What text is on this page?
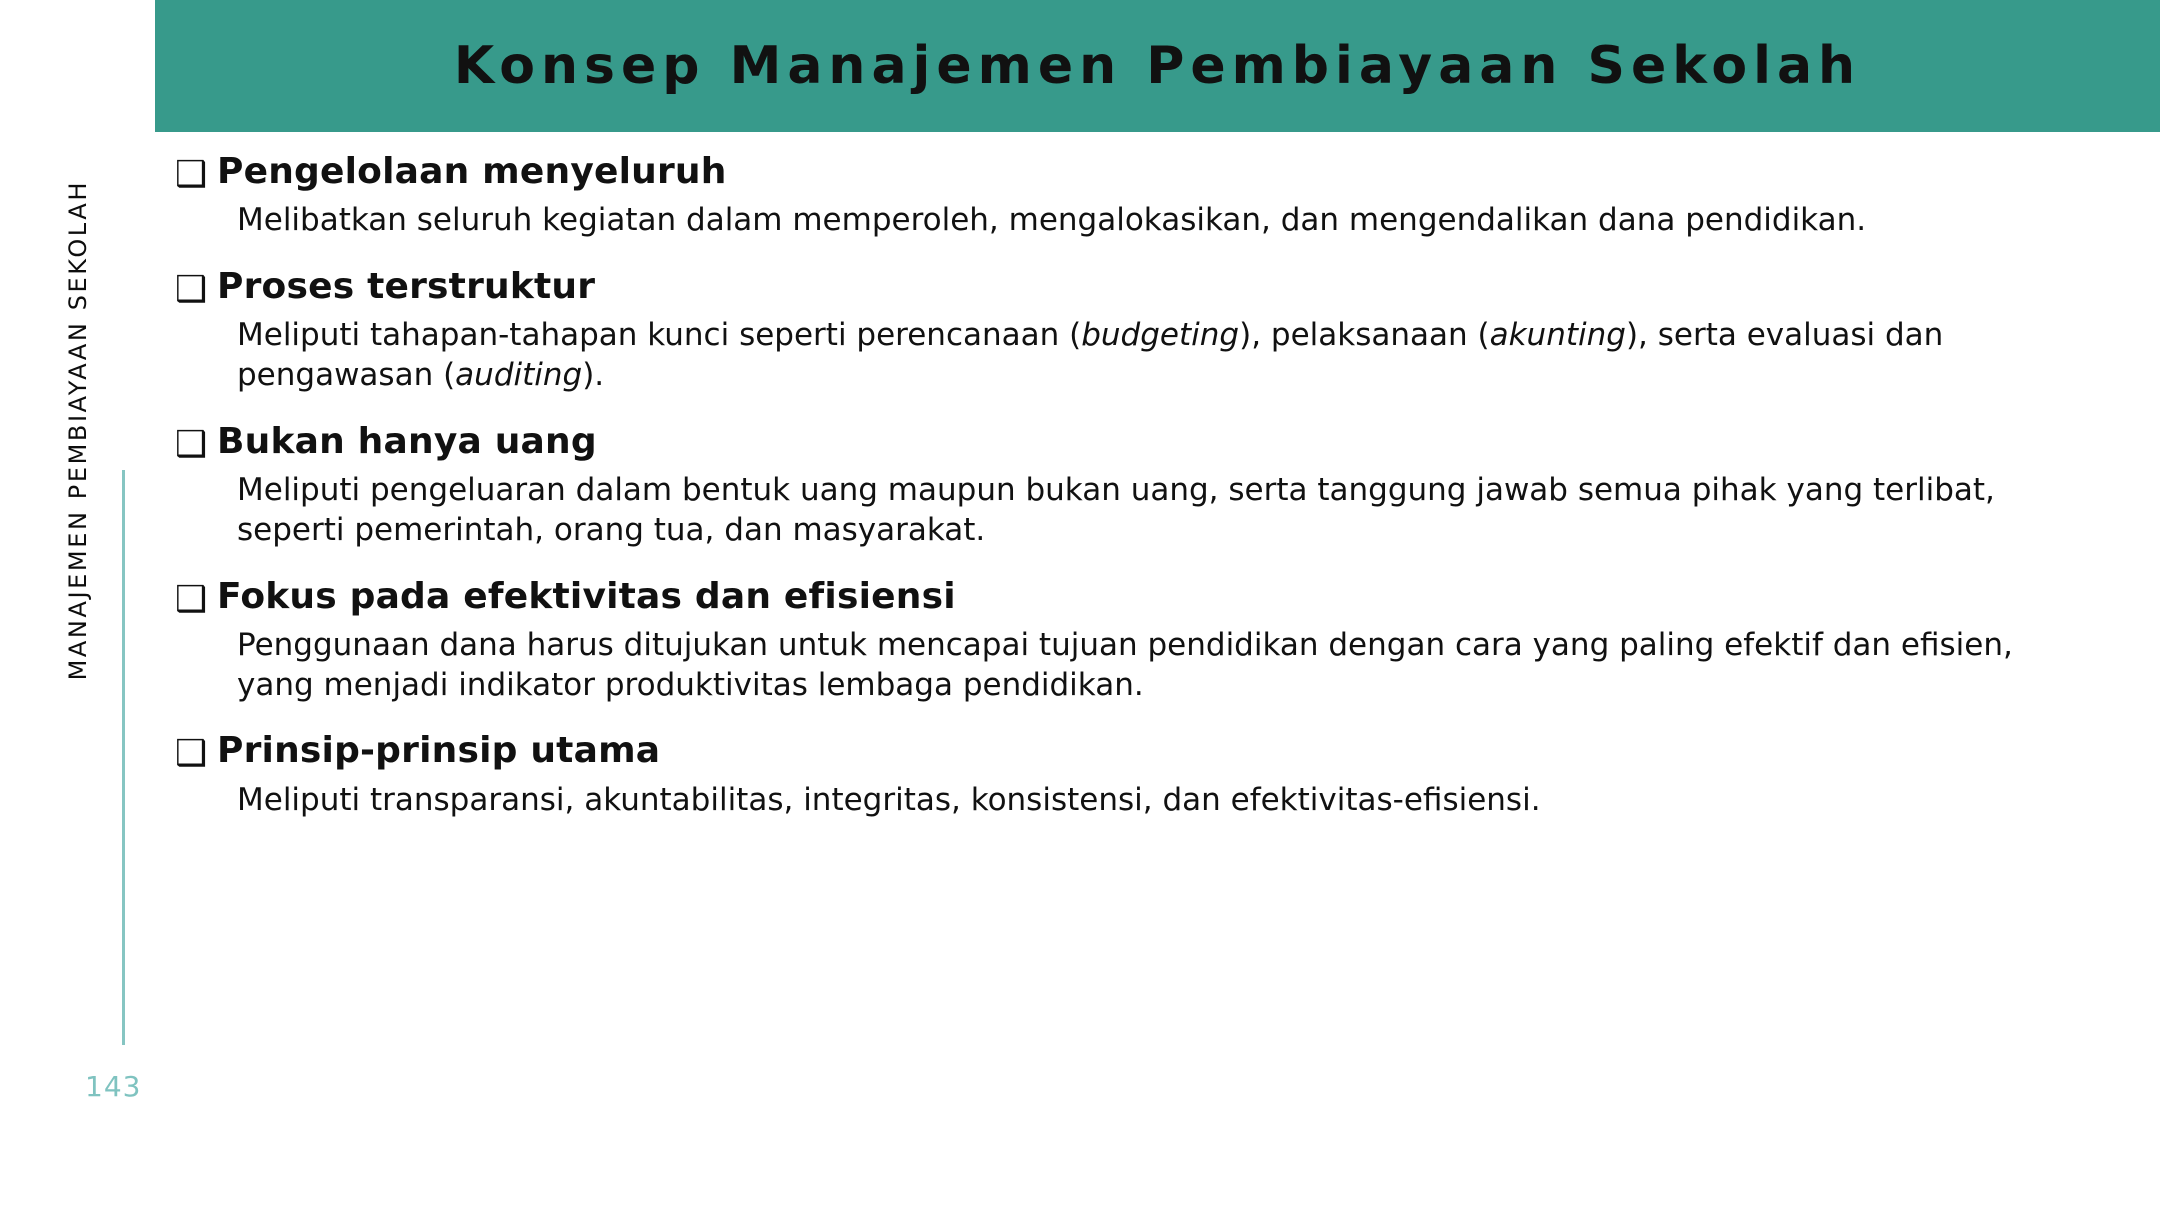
MANAJEMEN PEMBIAYAAN SEKOLAH
143
Konsep Manajemen Pembiayaan Sekolah
❑ Pengelolaan menyeluruh
Melibatkan seluruh kegiatan dalam memperoleh, mengalokasikan, dan mengendalikan dana pendidikan.
❑ Proses terstruktur
Meliputi tahapan-tahapan kunci seperti perencanaan (budgeting), pelaksanaan (akunting), serta evaluasi dan pengawasan (auditing).
❑ Bukan hanya uang
Meliputi pengeluaran dalam bentuk uang maupun bukan uang, serta tanggung jawab semua pihak yang terlibat, seperti pemerintah, orang tua, dan masyarakat.
❑ Fokus pada efektivitas dan efisiensi
Penggunaan dana harus ditujukan untuk mencapai tujuan pendidikan dengan cara yang paling efektif dan efisien, yang menjadi indikator produktivitas lembaga pendidikan.
❑ Prinsip-prinsip utama
Meliputi transparansi, akuntabilitas, integritas, konsistensi, dan efektivitas-efisiensi.
